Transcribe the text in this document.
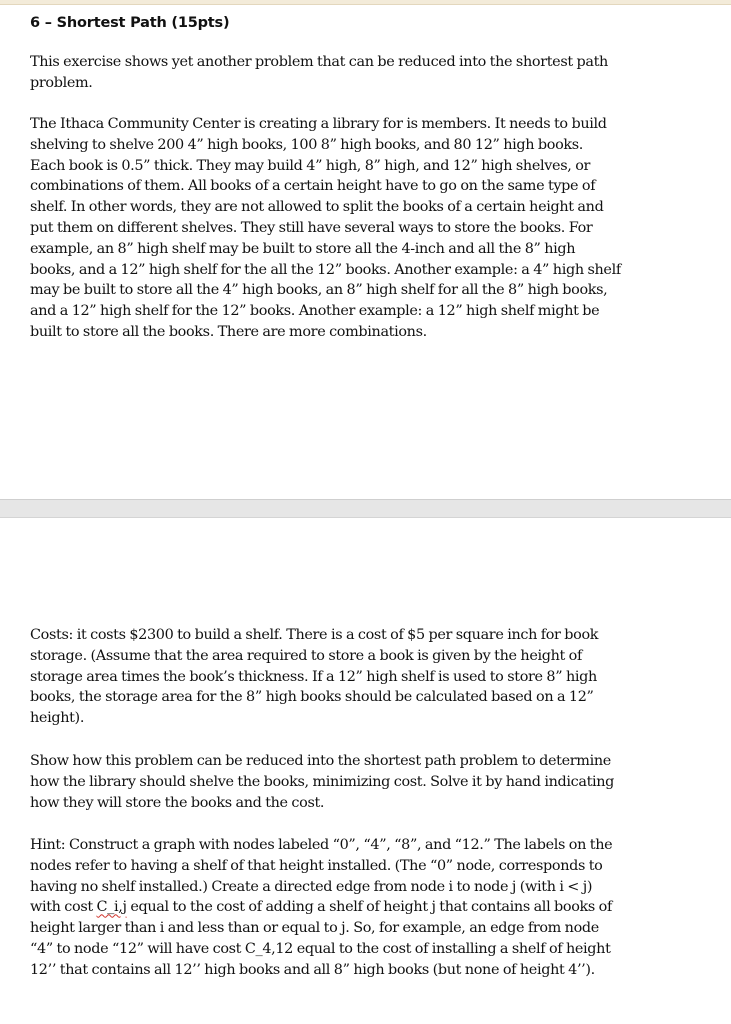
6 – Shortest Path (15pts)

This exercise shows yet another problem that can be reduced into the shortest path
problem.

The Ithaca Community Center is creating a library for is members. It needs to build
shelving to shelve 200 4” high books, 100 8” high books, and 80 12” high books.
Each book is 0.5” thick. They may build 4” high, 8” high, and 12” high shelves, or
combinations of them. All books of a certain height have to go on the same type of
shelf. In other words, they are not allowed to split the books of a certain height and
put them on different shelves. They still have several ways to store the books. For
example, an 8” high shelf may be built to store all the 4-inch and all the 8” high
books, and a 12” high shelf for the all the 12” books. Another example: a 4” high shelf
may be built to store all the 4” high books, an 8” high shelf for all the 8” high books,
and a 12” high shelf for the 12” books. Another example: a 12” high shelf might be
built to store all the books. There are more combinations.

Costs: it costs $2300 to build a shelf. There is a cost of $5 per square inch for book
storage. (Assume that the area required to store a book is given by the height of
storage area times the book’s thickness. If a 12” high shelf is used to store 8” high
books, the storage area for the 8” high books should be calculated based on a 12”
height).

Show how this problem can be reduced into the shortest path problem to determine
how the library should shelve the books, minimizing cost. Solve it by hand indicating
how they will store the books and the cost.

Hint: Construct a graph with nodes labeled “0”, “4”, “8”, and “12.” The labels on the
nodes refer to having a shelf of that height installed. (The “0” node, corresponds to
having no shelf installed.) Create a directed edge from node i to node j (with i < j)
with cost C_i,j equal to the cost of adding a shelf of height j that contains all books of
height larger than i and less than or equal to j. So, for example, an edge from node
“4” to node “12” will have cost C_4,12 equal to the cost of installing a shelf of height
12’’ that contains all 12’’ high books and all 8” high books (but none of height 4’’).
